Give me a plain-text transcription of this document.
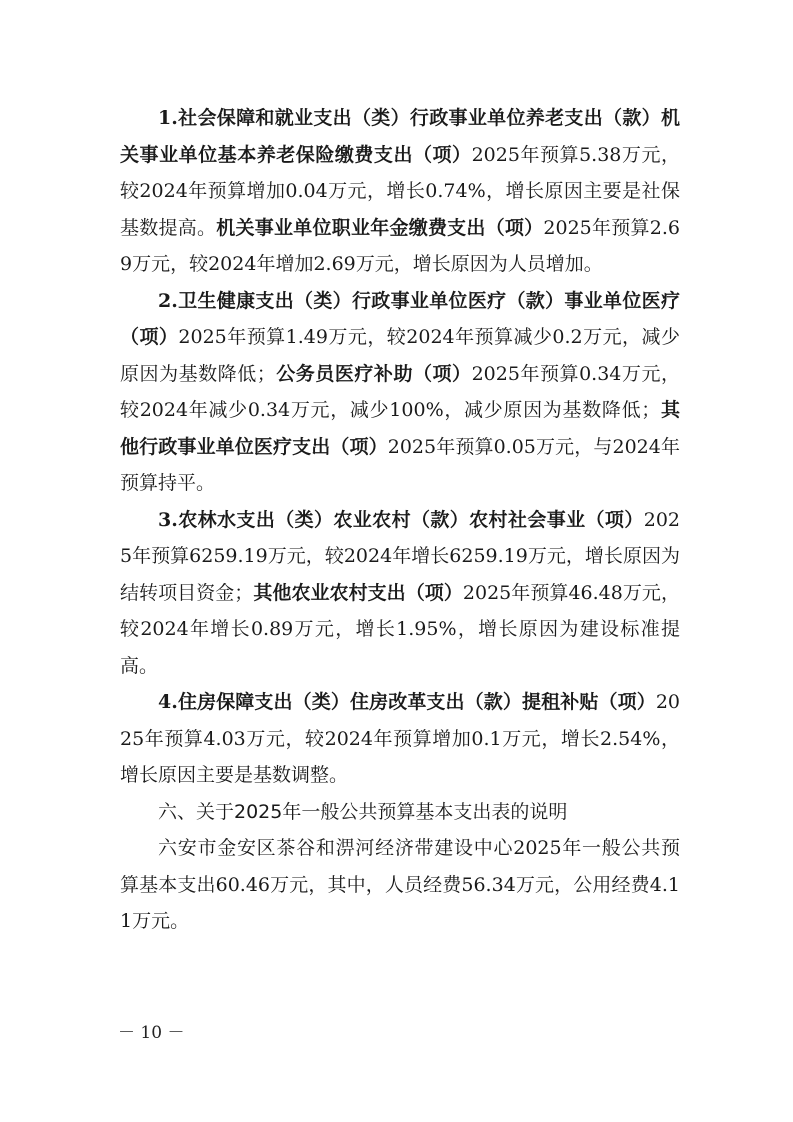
1.社会保障和就业支出（类）行政事业单位养老支出（款）机关事业单位基本养老保险缴费支出（项）2025年预算5.38万元，较2024年预算增加0.04万元，增长0.74%，增长原因主要是社保基数提高。机关事业单位职业年金缴费支出（项）2025年预算2.69万元，较2024年增加2.69万元，增长原因为人员增加。

2.卫生健康支出（类）行政事业单位医疗（款）事业单位医疗（项）2025年预算1.49万元，较2024年预算减少0.2万元，减少原因为基数降低；公务员医疗补助（项）2025年预算0.34万元，较2024年减少0.34万元，减少100%，减少原因为基数降低；其他行政事业单位医疗支出（项）2025年预算0.05万元，与2024年预算持平。

3.农林水支出（类）农业农村（款）农村社会事业（项）2025年预算6259.19万元，较2024年增长6259.19万元，增长原因为结转项目资金；其他农业农村支出（项）2025年预算46.48万元，较2024年增长0.89万元，增长1.95%，增长原因为建设标准提高。

4.住房保障支出（类）住房改革支出（款）提租补贴（项）2025年预算4.03万元，较2024年预算增加0.1万元，增长2.54%，增长原因主要是基数调整。

六、关于2025年一般公共预算基本支出表的说明

六安市金安区茶谷和淠河经济带建设中心2025年一般公共预算基本支出60.46万元，其中，人员经费56.34万元，公用经费4.11万元。

－ 10 －
